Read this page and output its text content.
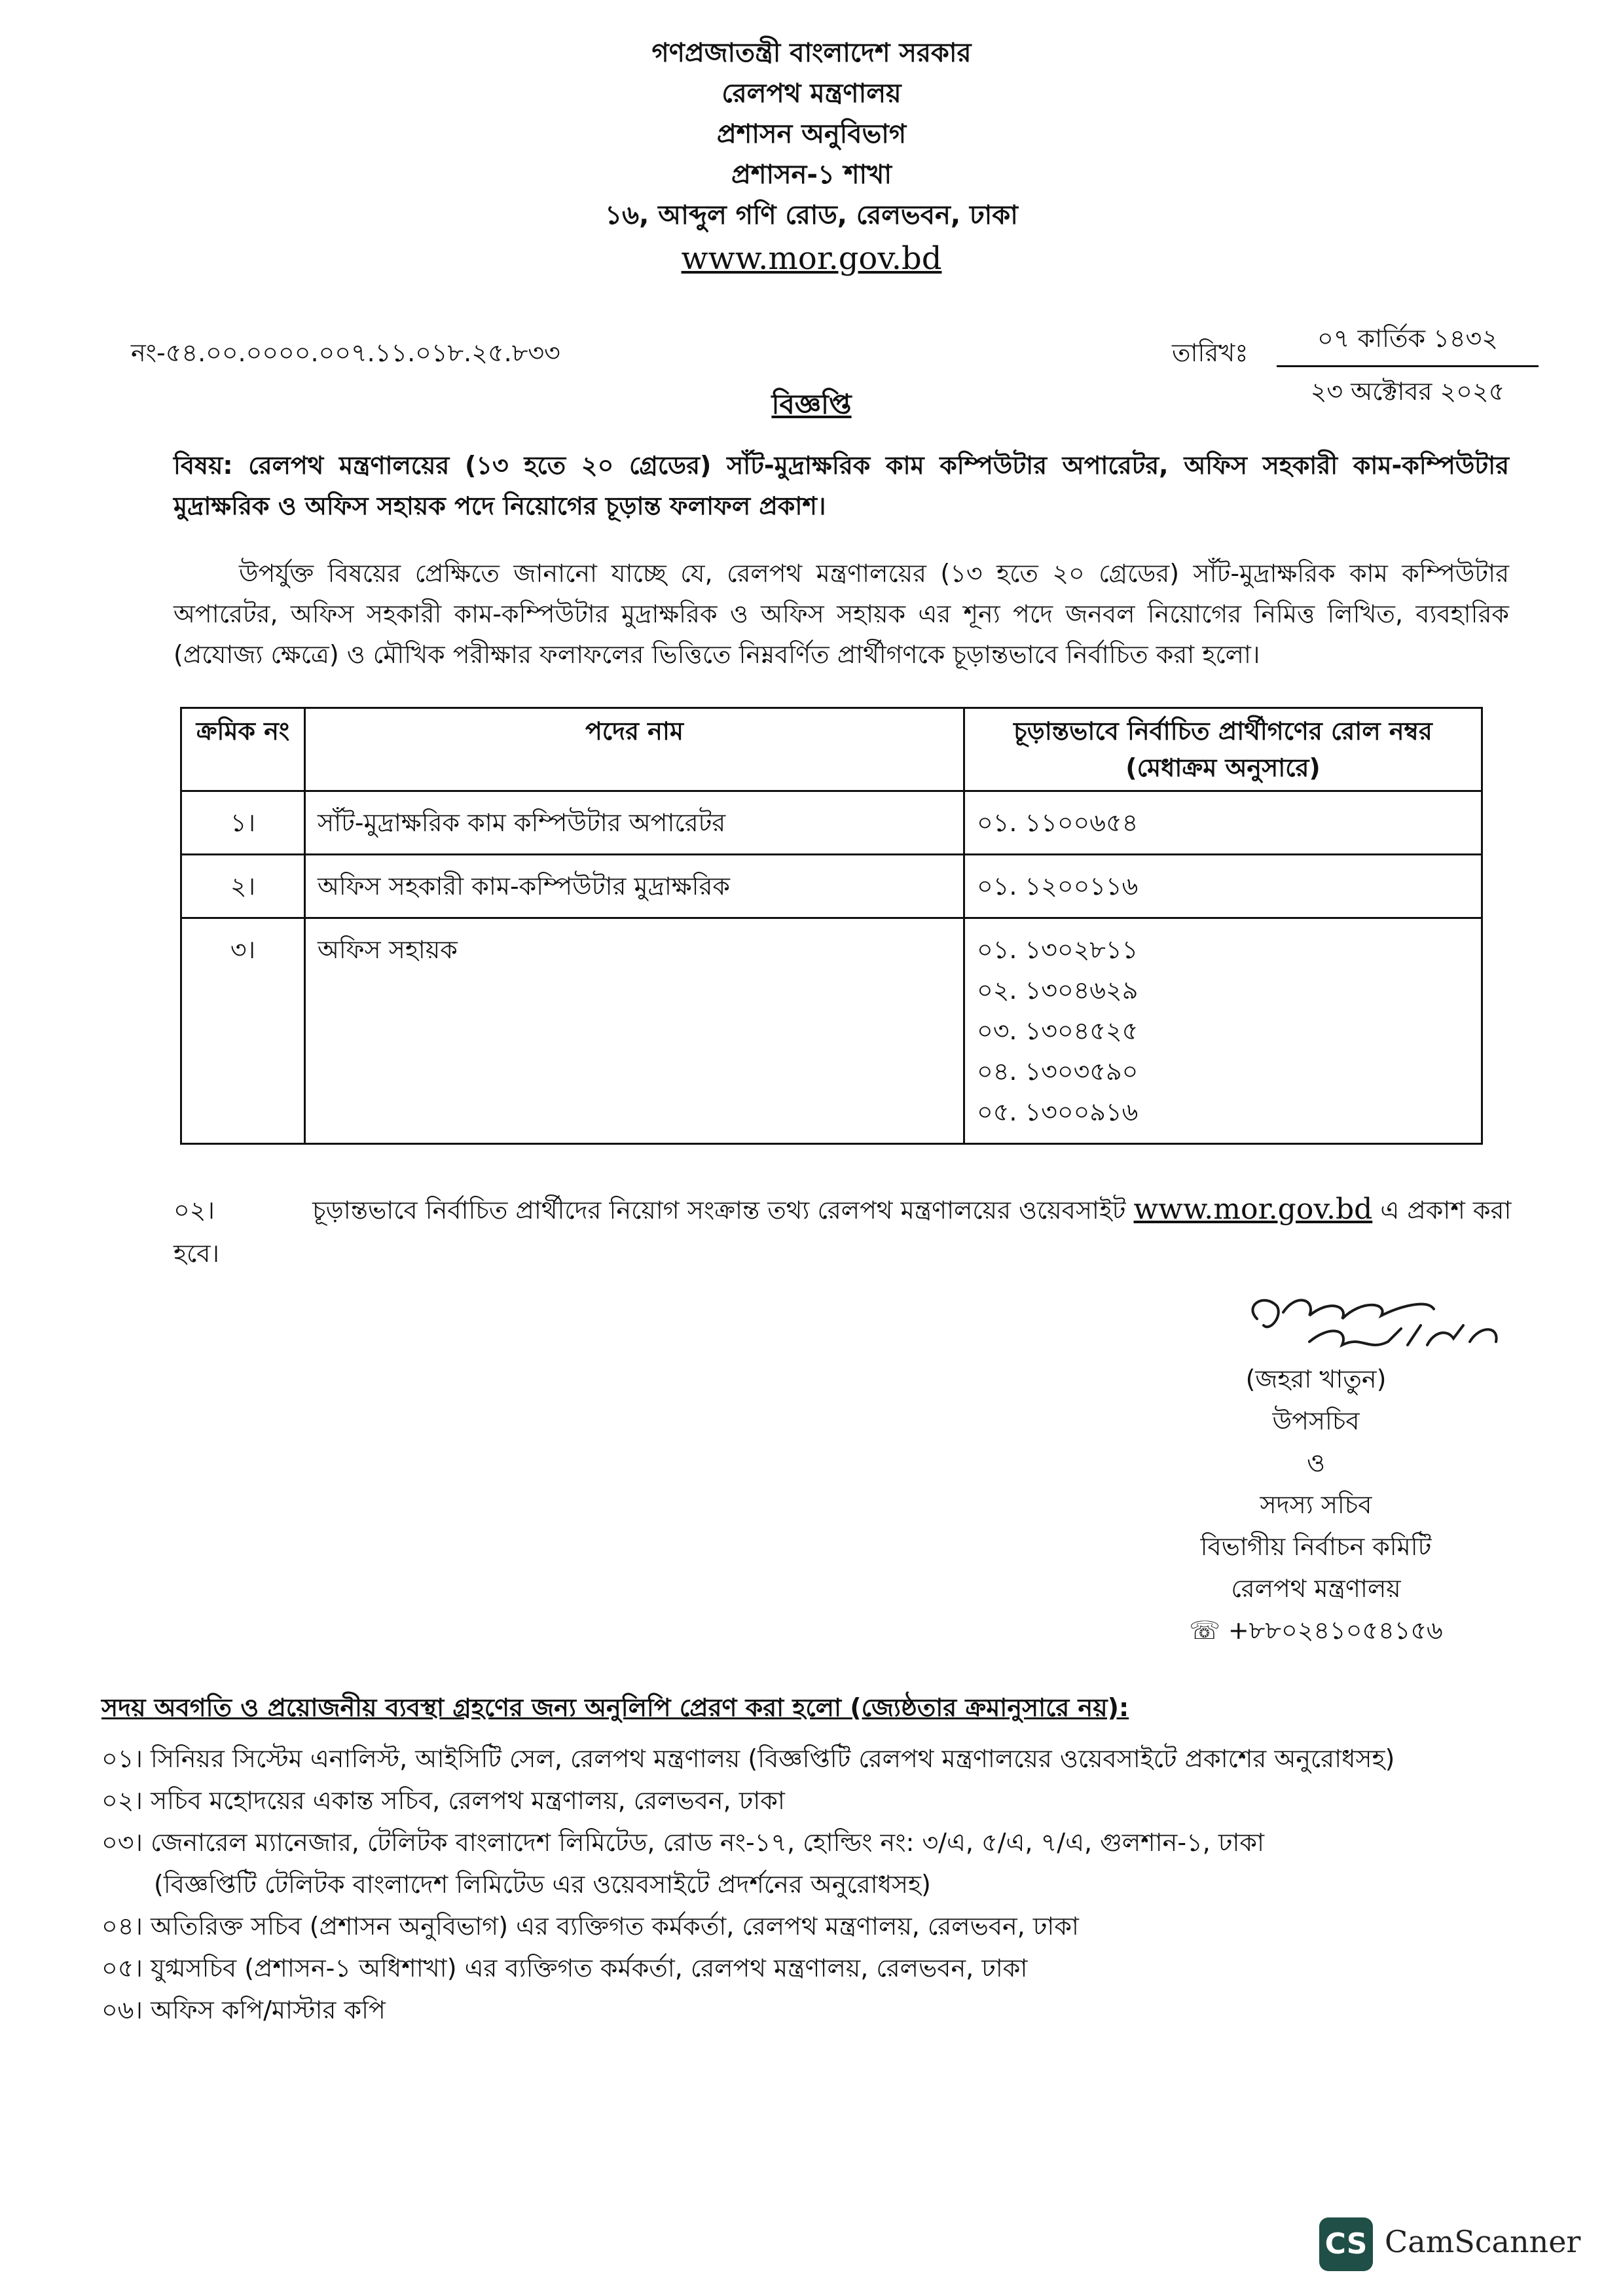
গণপ্রজাতন্ত্রী বাংলাদেশ সরকার
রেলপথ মন্ত্রণালয়
প্রশাসন অনুবিভাগ
প্রশাসন-১ শাখা
১৬, আব্দুল গণি রোড, রেলভবন, ঢাকা
www.mor.gov.bd
নং-৫৪.০০.০০০০.০০৭.১১.০১৮.২৫.৮৩৩	তারিখঃ	০৭ কার্তিক ১৪৩২
২৩ অক্টোবর ২০২৫
বিজ্ঞপ্তি
বিষয়: রেলপথ মন্ত্রণালয়ের (১৩ হতে ২০ গ্রেডের) সাঁট-মুদ্রাক্ষরিক কাম কম্পিউটার অপারেটর, অফিস সহকারী কাম-কম্পিউটার মুদ্রাক্ষরিক ও অফিস সহায়ক পদে নিয়োগের চূড়ান্ত ফলাফল প্রকাশ।
উপর্যুক্ত বিষয়ের প্রেক্ষিতে জানানো যাচ্ছে যে, রেলপথ মন্ত্রণালয়ের (১৩ হতে ২০ গ্রেডের) সাঁট-মুদ্রাক্ষরিক কাম কম্পিউটার অপারেটর, অফিস সহকারী কাম-কম্পিউটার মুদ্রাক্ষরিক ও অফিস সহায়ক এর শূন্য পদে জনবল নিয়োগের নিমিত্ত লিখিত, ব্যবহারিক (প্রযোজ্য ক্ষেত্রে) ও মৌখিক পরীক্ষার ফলাফলের ভিত্তিতে নিম্নবর্ণিত প্রার্থীগণকে চূড়ান্তভাবে নির্বাচিত করা হলো।
ক্রমিক নং	পদের নাম	চূড়ান্তভাবে নির্বাচিত প্রার্থীগণের রোল নম্বর (মেধাক্রম অনুসারে)
১।	সাঁট-মুদ্রাক্ষরিক কাম কম্পিউটার অপারেটর	০১. ১১০০৬৫৪

২।	অফিস সহকারী কাম-কম্পিউটার মুদ্রাক্ষরিক	০১. ১২০০১১৬

৩।	অফিস সহায়ক	০১. ১৩০২৮১১
০২. ১৩০৪৬২৯
০৩. ১৩০৪৫২৫
০৪. ১৩০৩৫৯০
০৫. ১৩০০৯১৬
০২।	চূড়ান্তভাবে নির্বাচিত প্রার্থীদের নিয়োগ সংক্রান্ত তথ্য রেলপথ মন্ত্রণালয়ের ওয়েবসাইট www.mor.gov.bd এ প্রকাশ করা হবে।
(জহরা খাতুন)
উপসচিব
ও
সদস্য সচিব
বিভাগীয় নির্বাচন কমিটি
রেলপথ মন্ত্রণালয়
☏ +৮৮০২৪১০৫৪১৫৬
সদয় অবগতি ও প্রয়োজনীয় ব্যবস্থা গ্রহণের জন্য অনুলিপি প্রেরণ করা হলো (জ্যেষ্ঠতার ক্রমানুসারে নয়):
০১। সিনিয়র সিস্টেম এনালিস্ট, আইসিটি সেল, রেলপথ মন্ত্রণালয় (বিজ্ঞপ্তিটি রেলপথ মন্ত্রণালয়ের ওয়েবসাইটে প্রকাশের অনুরোধসহ)
০২। সচিব মহোদয়ের একান্ত সচিব, রেলপথ মন্ত্রণালয়, রেলভবন, ঢাকা
০৩। জেনারেল ম্যানেজার, টেলিটক বাংলাদেশ লিমিটেড, রোড নং-১৭, হোল্ডিং নং: ৩/এ, ৫/এ, ৭/এ, গুলশান-১, ঢাকা
(বিজ্ঞপ্তিটি টেলিটক বাংলাদেশ লিমিটেড এর ওয়েবসাইটে প্রদর্শনের অনুরোধসহ)
০৪। অতিরিক্ত সচিব (প্রশাসন অনুবিভাগ) এর ব্যক্তিগত কর্মকর্তা, রেলপথ মন্ত্রণালয়, রেলভবন, ঢাকা
০৫। যুগ্মসচিব (প্রশাসন-১ অধিশাখা) এর ব্যক্তিগত কর্মকর্তা, রেলপথ মন্ত্রণালয়, রেলভবন, ঢাকা
০৬। অফিস কপি/মাস্টার কপি
CS CamScanner
